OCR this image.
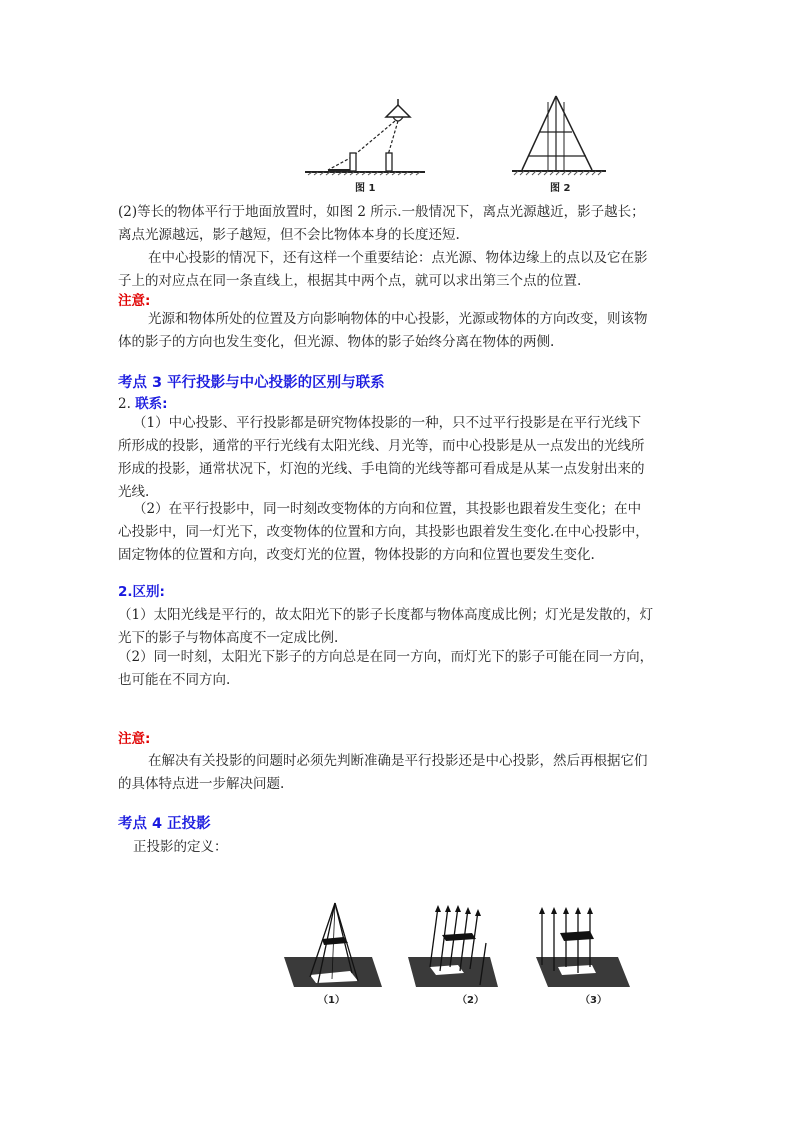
图 1	图 2
(2)等长的物体平行于地面放置时，如图 2 所示.一般情况下，离点光源越近，影子越长；
离点光源越远，影子越短，但不会比物体本身的长度还短.
在中心投影的情况下，还有这样一个重要结论：点光源、物体边缘上的点以及它在影
子上的对应点在同一条直线上，根据其中两个点，就可以求出第三个点的位置.
注意:
光源和物体所处的位置及方向影响物体的中心投影，光源或物体的方向改变，则该物
体的影子的方向也发生变化，但光源、物体的影子始终分离在物体的两侧.
考点 3 平行投影与中心投影的区别与联系
2. 联系:
（1）中心投影、平行投影都是研究物体投影的一种，只不过平行投影是在平行光线下
所形成的投影，通常的平行光线有太阳光线、月光等，而中心投影是从一点发出的光线所
形成的投影，通常状况下，灯泡的光线、手电筒的光线等都可看成是从某一点发射出来的
光线.
（2）在平行投影中，同一时刻改变物体的方向和位置，其投影也跟着发生变化；在中
心投影中，同一灯光下，改变物体的位置和方向，其投影也跟着发生变化.在中心投影中，
固定物体的位置和方向，改变灯光的位置，物体投影的方向和位置也要发生变化.
2.区别:
（1）太阳光线是平行的，故太阳光下的影子长度都与物体高度成比例；灯光是发散的，灯
光下的影子与物体高度不一定成比例.
（2）同一时刻，太阳光下影子的方向总是在同一方向，而灯光下的影子可能在同一方向，
也可能在不同方向.
注意:
在解决有关投影的问题时必须先判断准确是平行投影还是中心投影，然后再根据它们
的具体特点进一步解决问题.
考点 4 正投影
正投影的定义：
（1）	（2）	（3）
